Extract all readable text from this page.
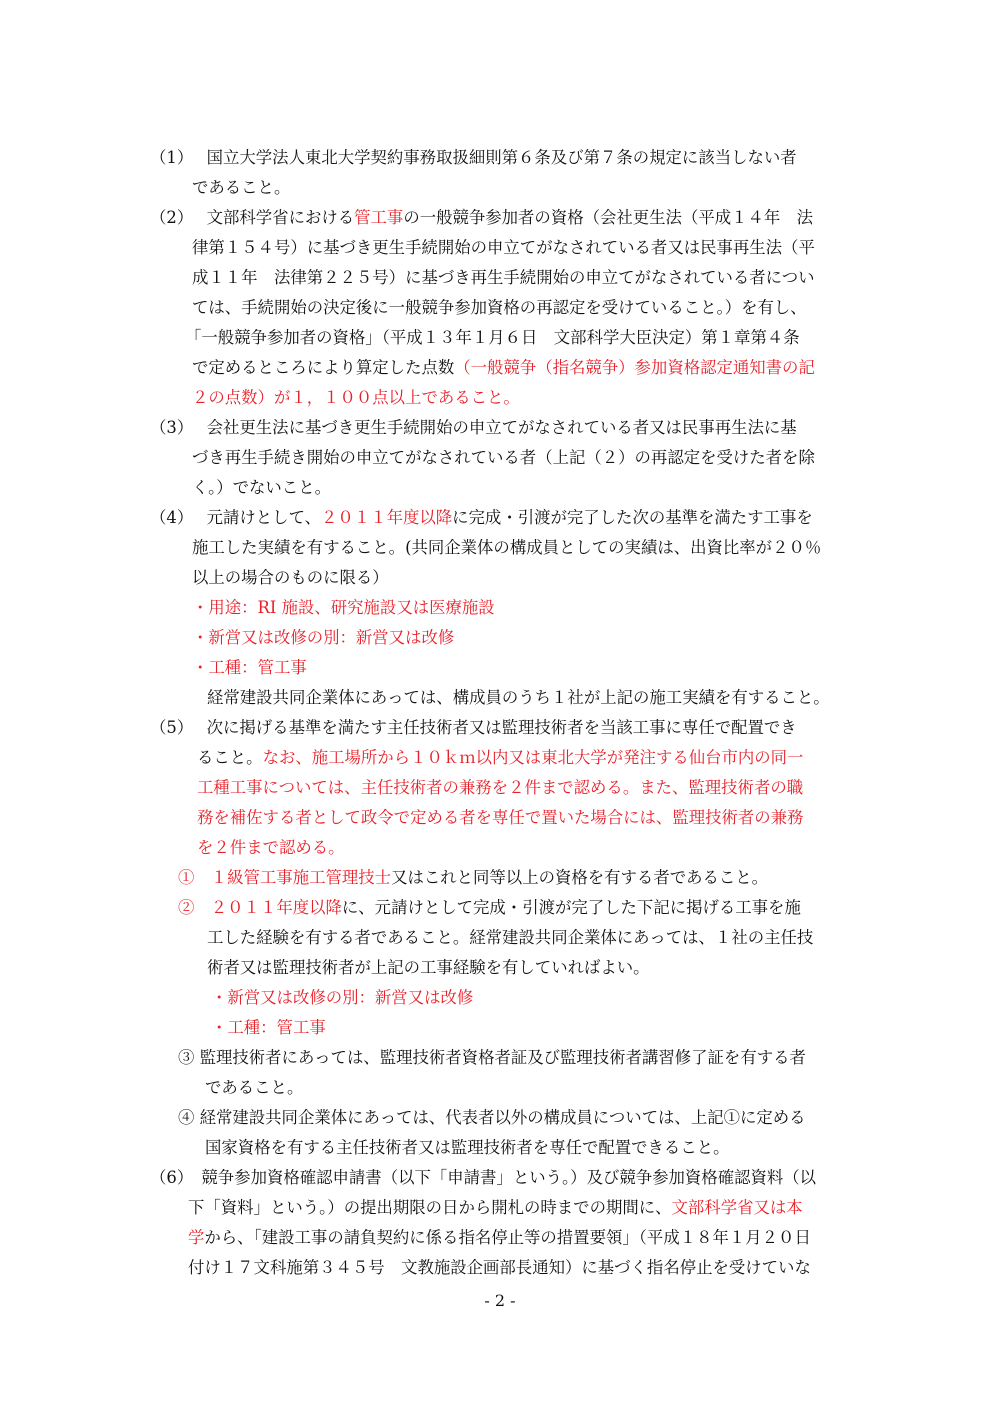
（1）　 国立大学法人東北大学契約事務取扱細則第６条及び第７条の規定に該当しない者
であること。
（2）　 文部科学省における管工事の一般競争参加者の資格（会社更生法（平成１４年　法
律第１５４号）に基づき更生手続開始の申立てがなされている者又は民事再生法（平
成１１年　法律第２２５号）に基づき再生手続開始の申立てがなされている者につい
ては、手続開始の決定後に一般競争参加資格の再認定を受けていること。）を有し、
「一般競争参加者の資格」（平成１３年１月６日　文部科学大臣決定）第１章第４条
で定めるところにより算定した点数（一般競争（指名競争）参加資格認定通知書の記
２の点数）が１，１００点以上であること。
（3）　 会社更生法に基づき更生手続開始の申立てがなされている者又は民事再生法に基
づき再生手続き開始の申立てがなされている者（上記（２）の再認定を受けた者を除
く。）でないこと。
（4）　 元請けとして、２０１１年度以降に完成・引渡が完了した次の基準を満たす工事を
施工した実績を有すること。(共同企業体の構成員としての実績は、出資比率が２０％
以上の場合のものに限る）
・用途：RI 施設、研究施設又は医療施設
・新営又は改修の別：新営又は改修
・工種：管工事
経常建設共同企業体にあっては、構成員のうち１社が上記の施工実績を有すること。
（5）　 次に掲げる基準を満たす主任技術者又は監理技術者を当該工事に専任で配置でき
ること。なお、施工場所から１０ｋｍ以内又は東北大学が発注する仙台市内の同一
工種工事については、主任技術者の兼務を２件まで認める。また、監理技術者の職
務を補佐する者として政令で定める者を専任で置いた場合には、監理技術者の兼務
を２件まで認める。
①　１級管工事施工管理技士又はこれと同等以上の資格を有する者であること。
②　２０１１年度以降に、元請けとして完成・引渡が完了した下記に掲げる工事を施
工した経験を有する者であること。経常建設共同企業体にあっては、１社の主任技
術者又は監理技術者が上記の工事経験を有していればよい。
・新営又は改修の別：新営又は改修
・工種：管工事
③ 監理技術者にあっては、監理技術者資格者証及び監理技術者講習修了証を有する者
であること。
④ 経常建設共同企業体にあっては、代表者以外の構成員については、上記①に定める
国家資格を有する主任技術者又は監理技術者を専任で配置できること。
（6）　競争参加資格確認申請書（以下「申請書」という。）及び競争参加資格確認資料（以
下「資料」という。）の提出期限の日から開札の時までの期間に、文部科学省又は本
学から、「建設工事の請負契約に係る指名停止等の措置要領」（平成１８年１月２０日
付け１７文科施第３４５号　文教施設企画部長通知）に基づく指名停止を受けていな
- 2 -
